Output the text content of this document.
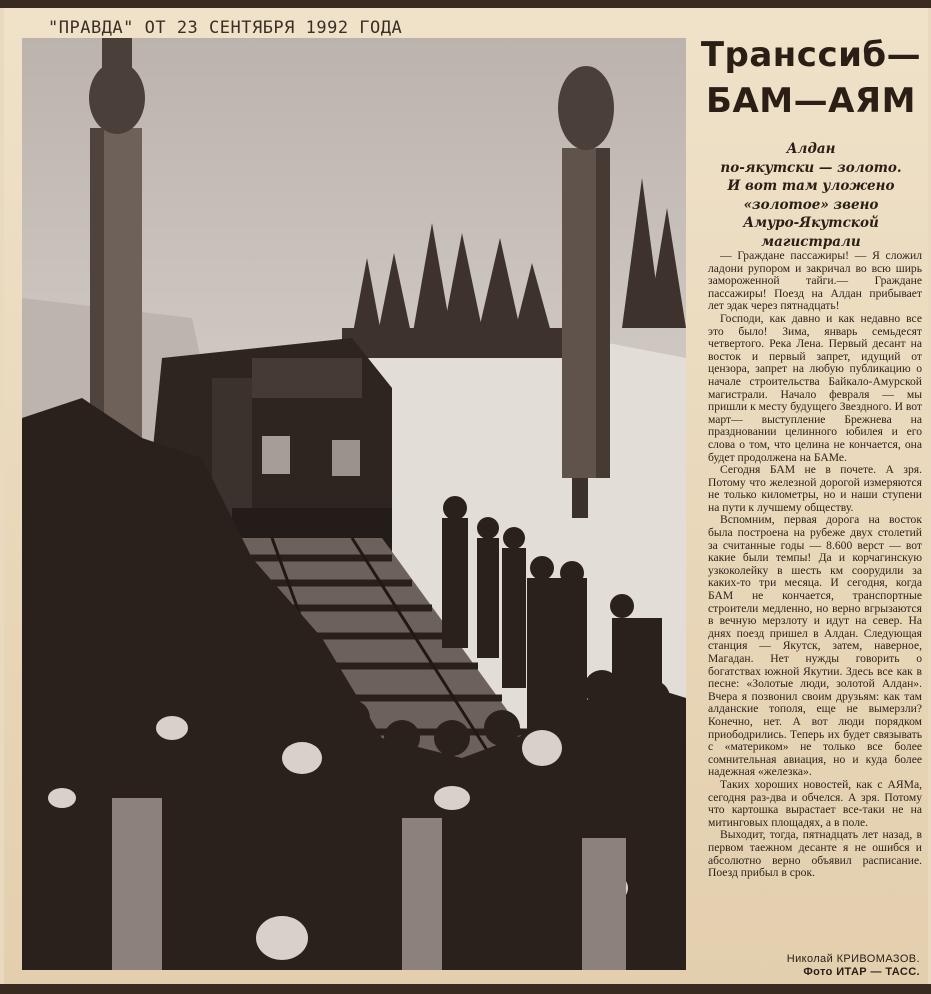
"ПРАВДА" ОТ 23 СЕНТЯБРЯ 1992 ГОДА
Транссиб—
БАМ—АЯМ
Алдан
по-якутски — золото.
И вот там уложено
«золотое» звено
Амуро-Якутской
магистрали

— Граждане пассажиры! — Я сложил ладони рупором и закричал во всю ширь замороженной тайги.— Граждане пассажиры! Поезд на Алдан прибывает лет эдак через пятнадцать!

Господи, как давно и как недавно все это было! Зима, январь семьдесят четвертого. Река Лена. Первый десант на восток и первый запрет, идущий от цензора, запрет на любую публикацию о начале строительства Байкало-Амурской магистрали. Начало февраля — мы пришли к месту будущего Звездного. И вот март— выступление Брежнева на праздновании целинного юбилея и его слова о том, что целина не кончается, она будет продолжена на БАМе.

Сегодня БАМ не в почете. А зря. Потому что железной дорогой измеряются не только километры, но и наши ступени на пути к лучшему обществу.

Вспомним, первая дорога на восток была построена на рубеже двух столетий за считанные годы — 8.600 верст — вот какие были темпы! Да и корчагинскую узкоколейку в шесть км соорудили за каких-то три месяца. И сегодня, когда БАМ не кончается, транспортные строители медленно, но верно вгрызаются в вечную мерзлоту и идут на север. На днях поезд пришел в Алдан. Следующая станция — Якутск, затем, наверное, Магадан. Нет нужды говорить о богатствах южной Якутии. Здесь все как в песне: «Золотые люди, золотой Алдан». Вчера я позвонил своим друзьям: как там алданские тополя, еще не вымерзли? Конечно, нет. А вот люди порядком приободрились. Теперь их будет связывать с «материком» не только все более сомнительная авиация, но и куда более надежная «железка».

Таких хороших новостей, как с АЯМа, сегодня раз-два и обчелся. А зря. Потому что картошка вырастает все-таки не на митинговых площадях, а в поле.

Выходит, тогда, пятнадцать лет назад, в первом таежном десанте я не ошибся и абсолютно верно объявил расписание. Поезд прибыл в срок.

Николай КРИВОМАЗОВ.
Фото ИТАР — ТАСС.
